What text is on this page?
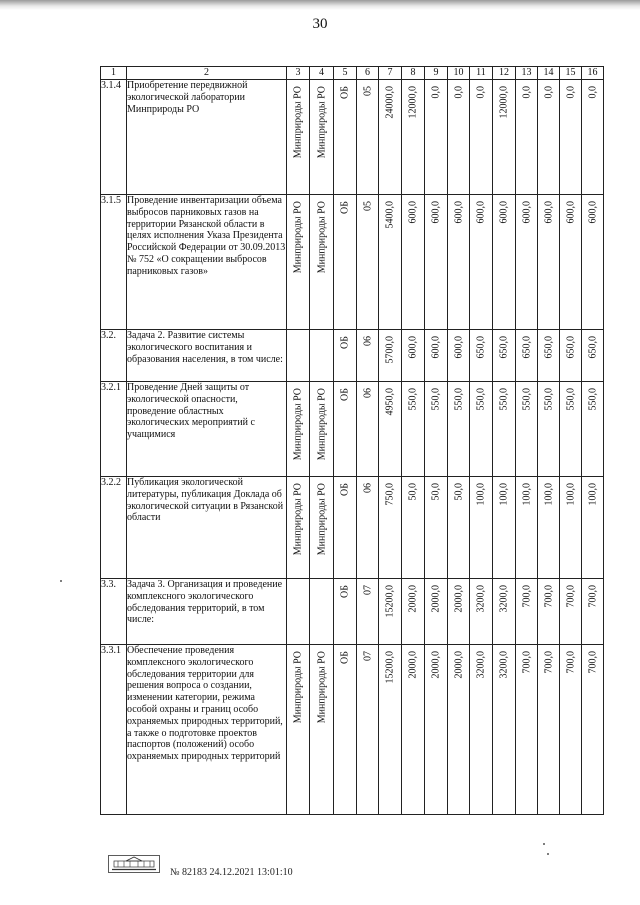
30
1	2	3	4	5	6	7	8	9	10	11	12	13	14	15	16
3.1.4	Приобретение передвижной экологической лаборатории Минприроды РО	Минприроды РО	Минприроды РО	ОБ	05	24000,0	12000,0	0,0	0,0	0,0	12000,0	0,0	0,0	0,0	0,0

3.1.5	Проведение инвентаризации объема выбросов парниковых газов на территории Рязанской области в целях исполнения Указа Президента Российской Федерации от 30.09.2013 № 752 «О сокращении выбросов парниковых газов»	Минприроды РО	Минприроды РО	ОБ	05	5400,0	600,0	600,0	600,0	600,0	600,0	600,0	600,0	600,0	600,0

3.2.	Задача 2. Развитие системы экологического воспитания и образования населения, в том числе:			ОБ	06	5700,0	600,0	600,0	600,0	650,0	650,0	650,0	650,0	650,0	650,0

3.2.1	Проведение Дней защиты от экологической опасности, проведение областных экологических мероприятий с учащимися	Минприроды РО	Минприроды РО	ОБ	06	4950,0	550,0	550,0	550,0	550,0	550,0	550,0	550,0	550,0	550,0

3.2.2	Публикация экологической литературы, публикация Доклада об экологической ситуации в Рязанской области	Минприроды РО	Минприроды РО	ОБ	06	750,0	50,0	50,0	50,0	100,0	100,0	100,0	100,0	100,0	100,0

3.3.	Задача 3. Организация и проведение комплексного экологического обследования территорий, в том числе:			ОБ	07	15200,0	2000,0	2000,0	2000,0	3200,0	3200,0	700,0	700,0	700,0	700,0

3.3.1	Обеспечение проведения комплексного экологического обследования территории для решения вопроса о создании, изменении категории, режима особой охраны и границ особо охраняемых природных территорий, а также о подготовке проектов паспортов (положений) особо охраняемых природных территорий	Минприроды РО	Минприроды РО	ОБ	07	15200,0	2000,0	2000,0	2000,0	3200,0	3200,0	700,0	700,0	700,0	700,0
№ 82183 24.12.2021 13:01:10
